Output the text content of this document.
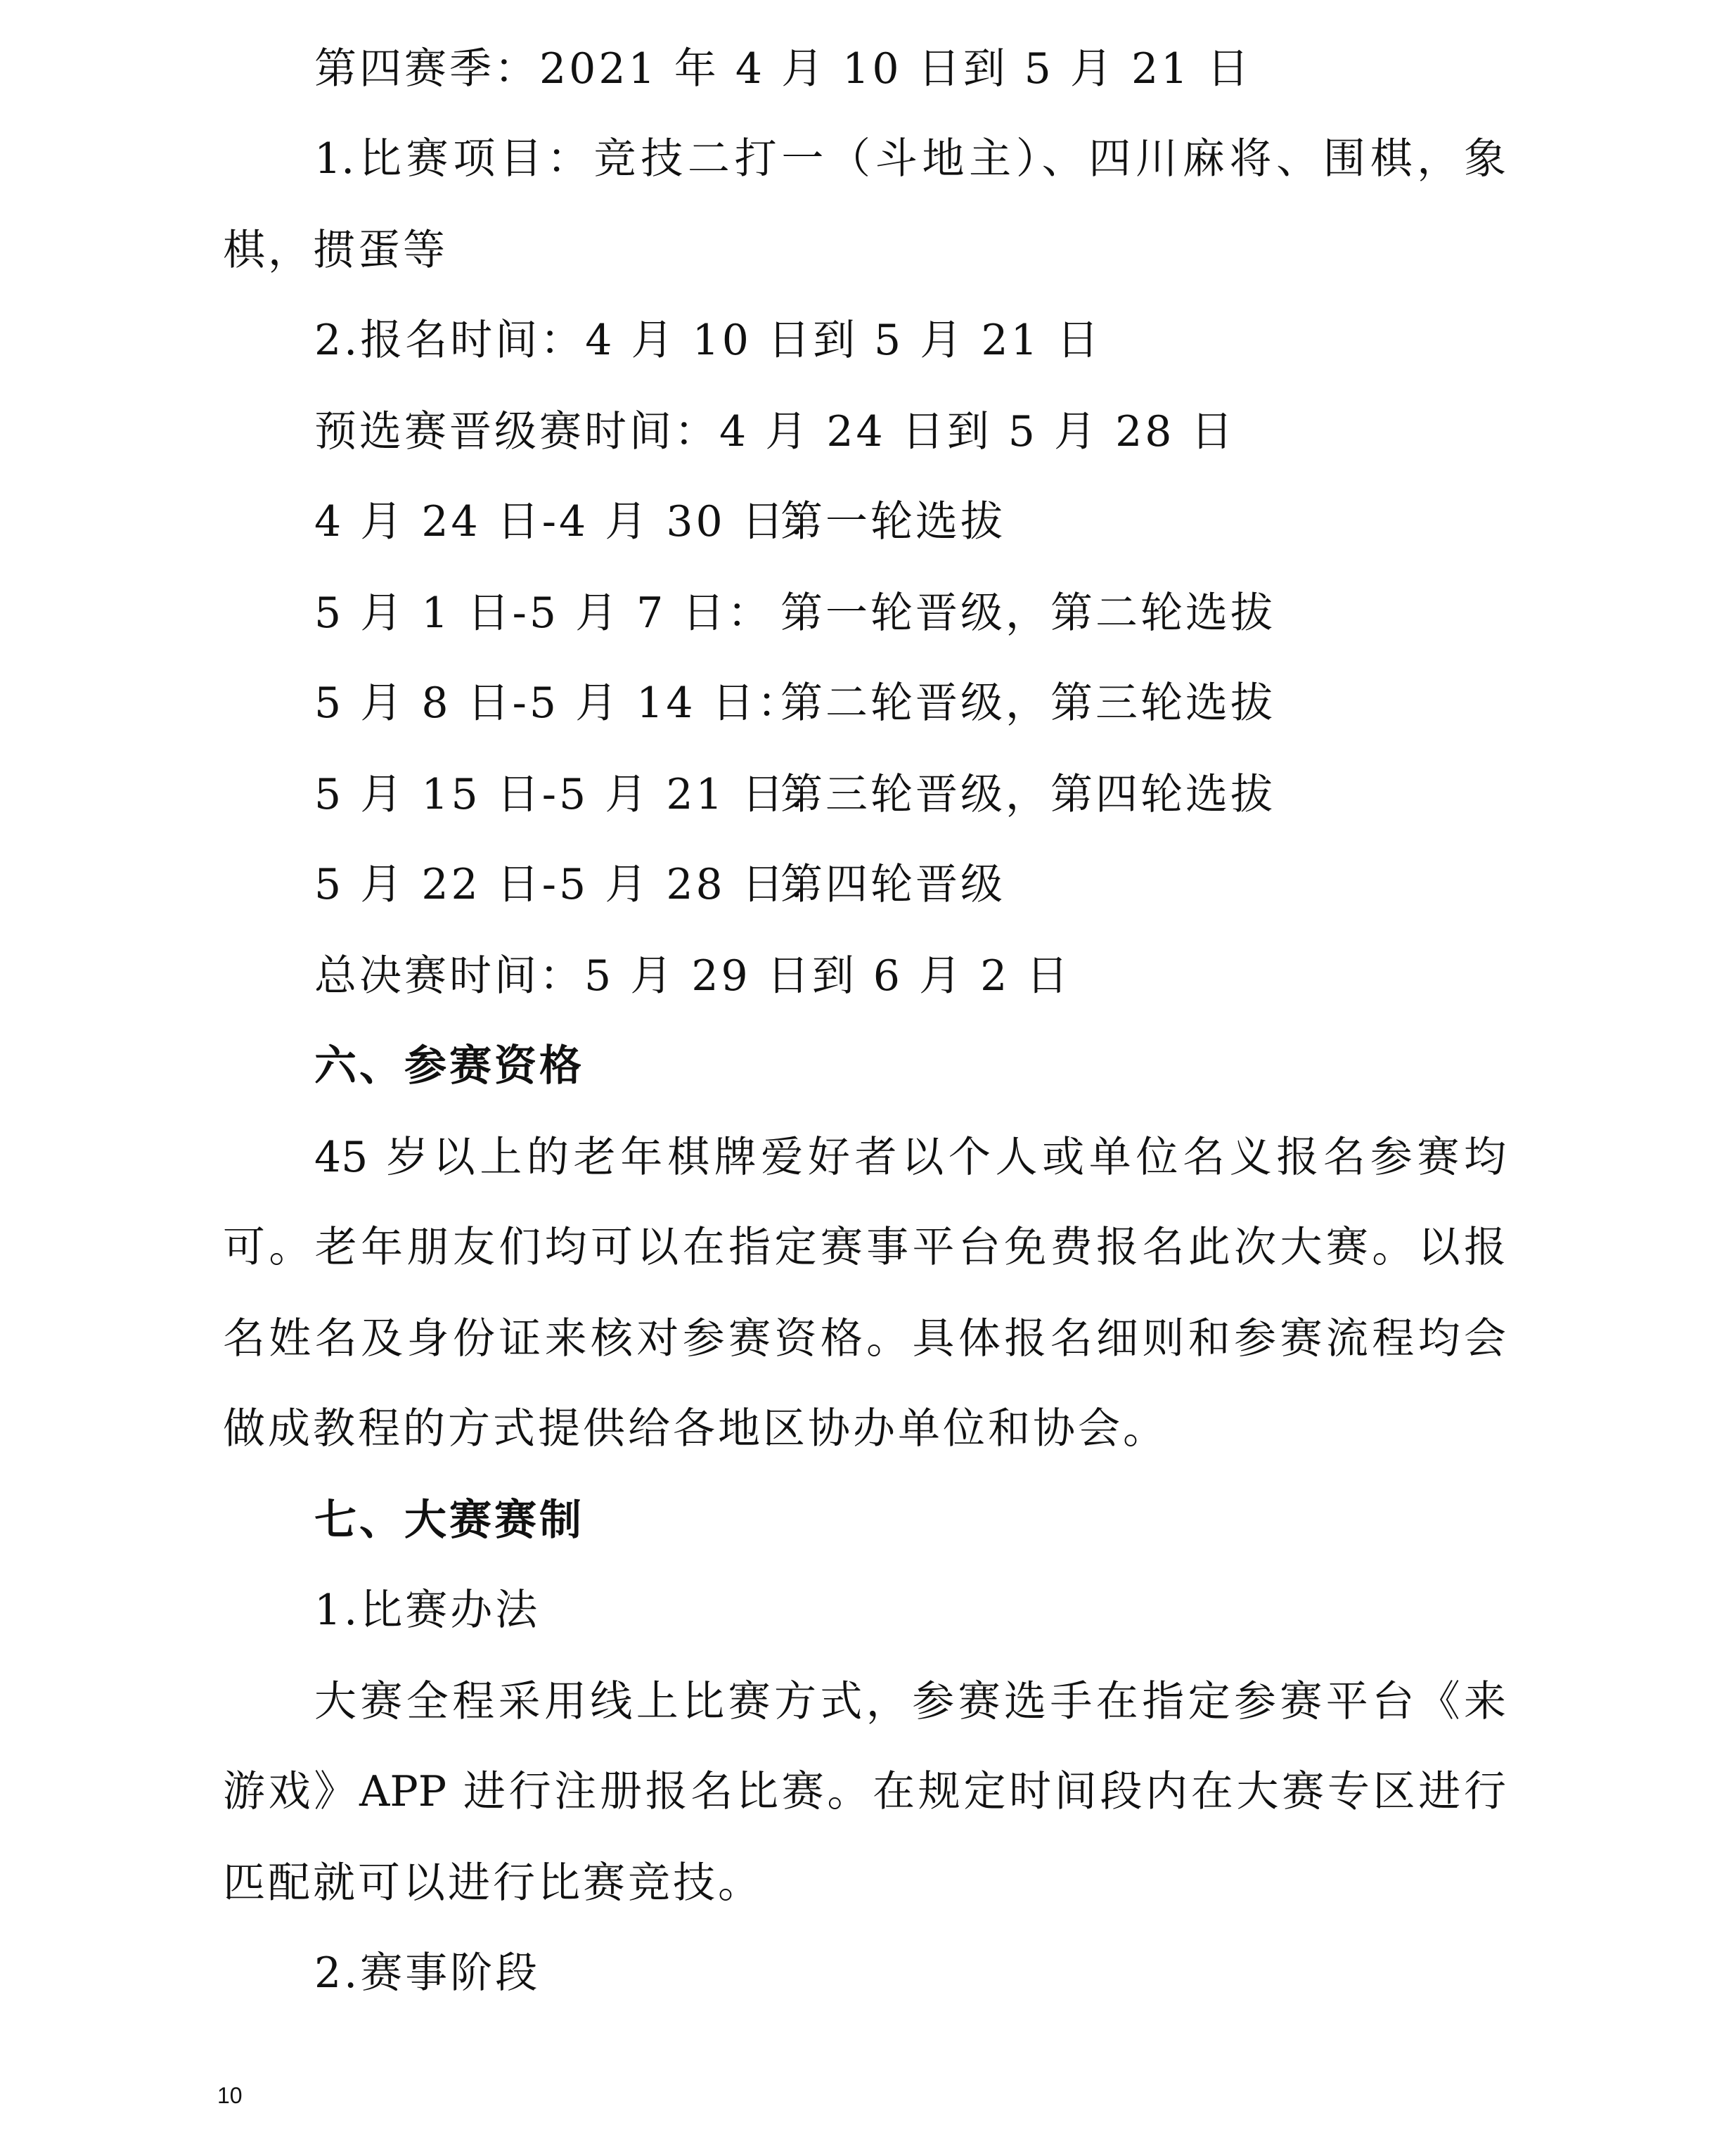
第四赛季：2021 年 4 月 10 日到 5 月 21 日
1.比赛项目：竞技二打一（斗地主）、四川麻将、围棋，象
棋，掼蛋等
2.报名时间：4 月 10 日到 5 月 21 日
预选赛晋级赛时间：4 月 24 日到 5 月 28 日
4 月 24 日-4 月 30 日：
第一轮选拔
5 月 1 日-5 月 7 日： 第一轮晋级，第二轮选拔
5 月 8 日-5 月 14 日：
第二轮晋级，第三轮选拔
5 月 15 日-5 月 21 日：
第三轮晋级，第四轮选拔
5 月 22 日-5 月 28 日：
第四轮晋级
总决赛时间：5 月 29 日到 6 月 2 日
六、参赛资格
45 岁以上的老年棋牌爱好者以个人或单位名义报名参赛均
可。老年朋友们均可以在指定赛事平台免费报名此次大赛。以报
名姓名及身份证来核对参赛资格。具体报名细则和参赛流程均会
做成教程的方式提供给各地区协办单位和协会。
七、大赛赛制
1.比赛办法
大赛全程采用线上比赛方式，参赛选手在指定参赛平台《来
游戏》APP 进行注册报名比赛。在规定时间段内在大赛专区进行
匹配就可以进行比赛竞技。
2.赛事阶段
10
